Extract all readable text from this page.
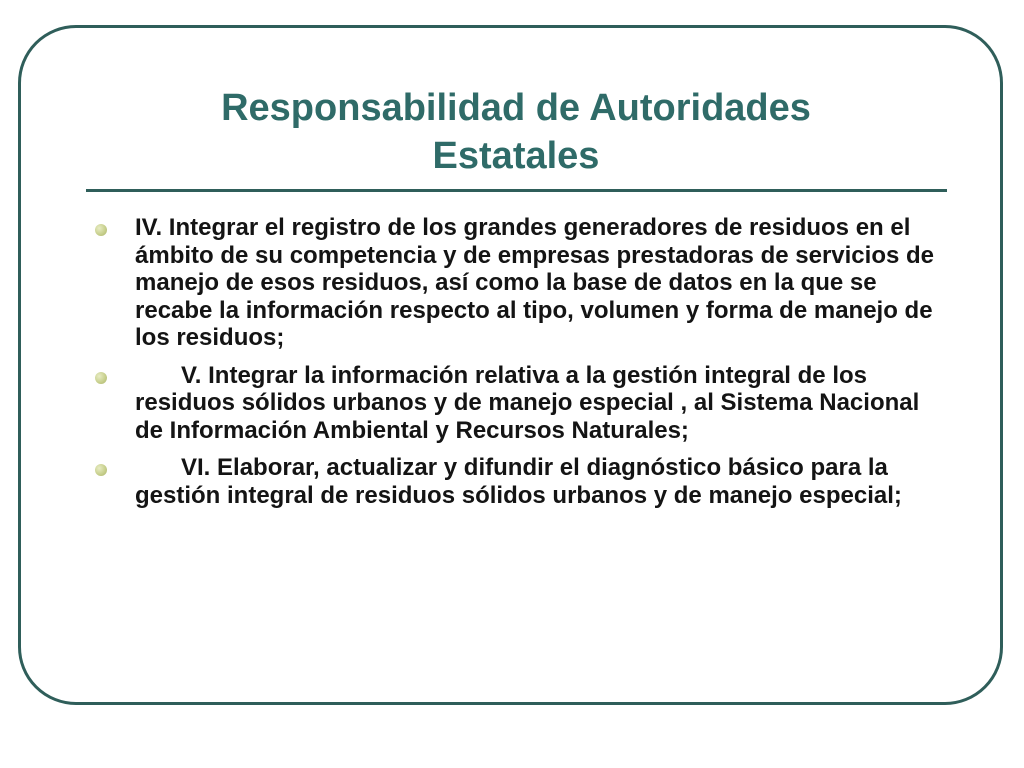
Responsabilidad de Autoridades
Estatales
IV. Integrar el registro de los grandes generadores de residuos en el ámbito de su competencia y de empresas prestadoras de servicios de manejo de esos residuos, así como la base de datos en la que se recabe la información respecto al tipo, volumen y forma de manejo de los residuos;
V. Integrar la información relativa a la gestión integral de los residuos sólidos urbanos y de manejo especial , al Sistema Nacional de Información Ambiental y Recursos Naturales;
VI. Elaborar, actualizar y difundir el diagnóstico básico para la gestión integral de residuos sólidos urbanos y de manejo especial;
